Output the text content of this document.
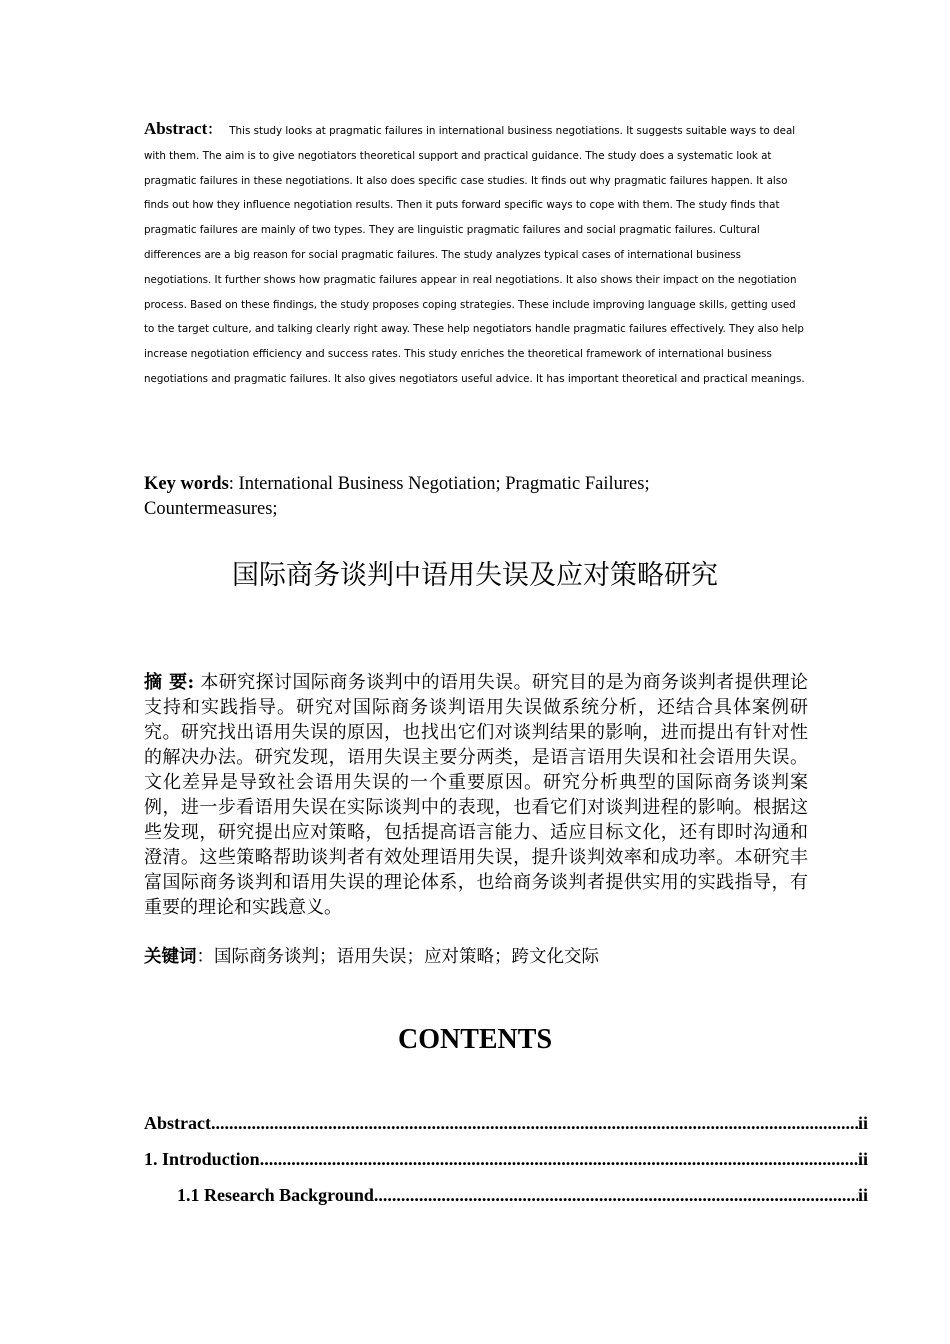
Abstract： This study looks at pragmatic failures in international business negotiations. It suggests suitable ways to deal with them. The aim is to give negotiators theoretical support and practical guidance. The study does a systematic look at pragmatic failures in these negotiations. It also does specific case studies. It finds out why pragmatic failures happen. It also finds out how they influence negotiation results. Then it puts forward specific ways to cope with them. The study finds that pragmatic failures are mainly of two types. They are linguistic pragmatic failures and social pragmatic failures. Cultural differences are a big reason for social pragmatic failures. The study analyzes typical cases of international business negotiations. It further shows how pragmatic failures appear in real negotiations. It also shows their impact on the negotiation process. Based on these findings, the study proposes coping strategies. These include improving language skills, getting used to the target culture, and talking clearly right away. These help negotiators handle pragmatic failures effectively. They also help increase negotiation efficiency and success rates. This study enriches the theoretical framework of international business negotiations and pragmatic failures. It also gives negotiators useful advice. It has important theoretical and practical meanings.

Key words: International Business Negotiation; Pragmatic Failures; Countermeasures;

国际商务谈判中语用失误及应对策略研究

摘 要: 本研究探讨国际商务谈判中的语用失误。研究目的是为商务谈判者提供理论支持和实践指导。研究对国际商务谈判语用失误做系统分析，还结合具体案例研究。研究找出语用失误的原因，也找出它们对谈判结果的影响，进而提出有针对性的解决办法。研究发现，语用失误主要分两类，是语言语用失误和社会语用失误。文化差异是导致社会语用失误的一个重要原因。研究分析典型的国际商务谈判案例，进一步看语用失误在实际谈判中的表现，也看它们对谈判进程的影响。根据这些发现，研究提出应对策略，包括提高语言能力、适应目标文化，还有即时沟通和澄清。这些策略帮助谈判者有效处理语用失误，提升谈判效率和成功率。本研究丰富国际商务谈判和语用失误的理论体系，也给商务谈判者提供实用的实践指导，有重要的理论和实践意义。

关键词：国际商务谈判；语用失误；应对策略；跨文化交际

CONTENTS
Abstract .....	ii
1. Introduction .....	ii
1.1 Research Background .....	ii
